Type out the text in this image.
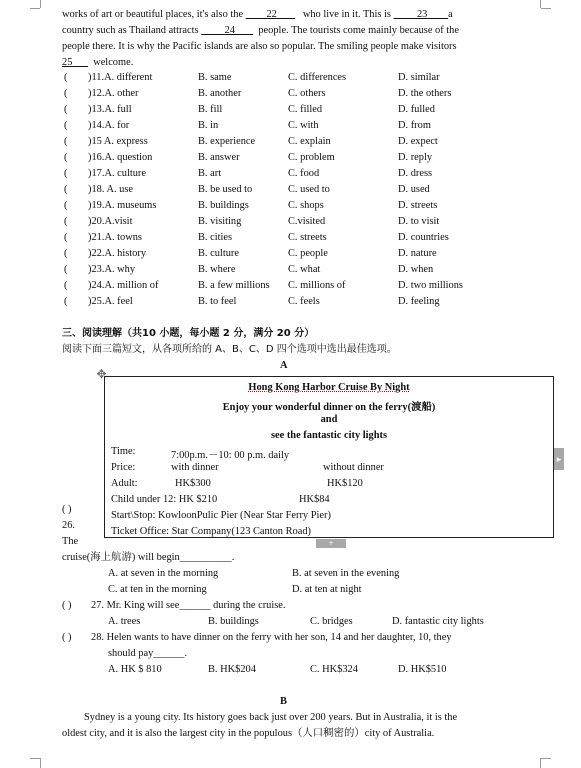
works of art or beautiful places, it's also the 22 who live in it. This is	23 a
country such as Thailand attracts	24 people. The tourists come mainly because of the
people there. It is why the Pacific islands are also so popular. The smiling people make visitors
25 welcome.
( )11.A. different	B. same	C. differences	D. similar
( )12.A. other	B. another	C. others	D. the others
( )13.A. full	B. fill	C. filled	D. fulled
( )14.A. for	B. in	C. with	D. from
( )15 A. express	B. experience	C. explain	D. expect
( )16.A. question	B. answer	C. problem	D. reply
( )17.A. culture	B. art	C. food	D. dress
( )18. A. use	B. be used to	C. used to	D. used
( )19.A. museums	B. buildings	C. shops	D. streets
( )20.A.visit	B. visiting	C.visited	D. to visit
( )21.A. towns	B. cities	C. streets	D. countries
( )22.A. history	B. culture	C. people	D. nature
( )23.A. why	B. where	C. what	D. when
( )24.A. million of	B. a few millions C. millions of	D. two millions
( )25.A. feel	B. to feel	C. feels	D. feeling
三、阅读理解（共10 小题，每小题 2 分，满分 20 分）
阅读下面三篇短文，从各项所给的 A、B、C、D 四个选项中选出最佳选项。
A
✥
Hong Kong Harbor Cruise By Night
Enjoy your wonderful dinner on the ferry(渡船)
and
see the fantastic city lights
Time:	7:00p.m.－10: 00 p.m. daily
Price:	with dinner	without dinner
Adult:	HK$300	HK$120
Child under 12: HK $210	HK$84
Start\Stop: KowloonPulic Pier (Near Star Ferry Pier)
Ticket Office: Star Company(123 Canton Road)
▸
+
( )
26.
The
cruise(海上航游) will begin__________.
A. at seven in the morning	B. at seven in the evening
C. at ten in the morning	D. at ten at night
( ) 27. Mr. King will see______ during the cruise.
A. trees	B. buildings	C. bridges	D. fantastic city lights
( ) 28. Helen wants to have dinner on the ferry with her son, 14 and her daughter, 10, they
should pay______.
A. HK $ 810	B. HK$204	C. HK$324	D. HK$510
B
Sydney is a young city. Its history goes back just over 200 years. But in Australia, it is the
oldest city, and it is also the largest city in the populous（人口稠密的）city of Australia.
